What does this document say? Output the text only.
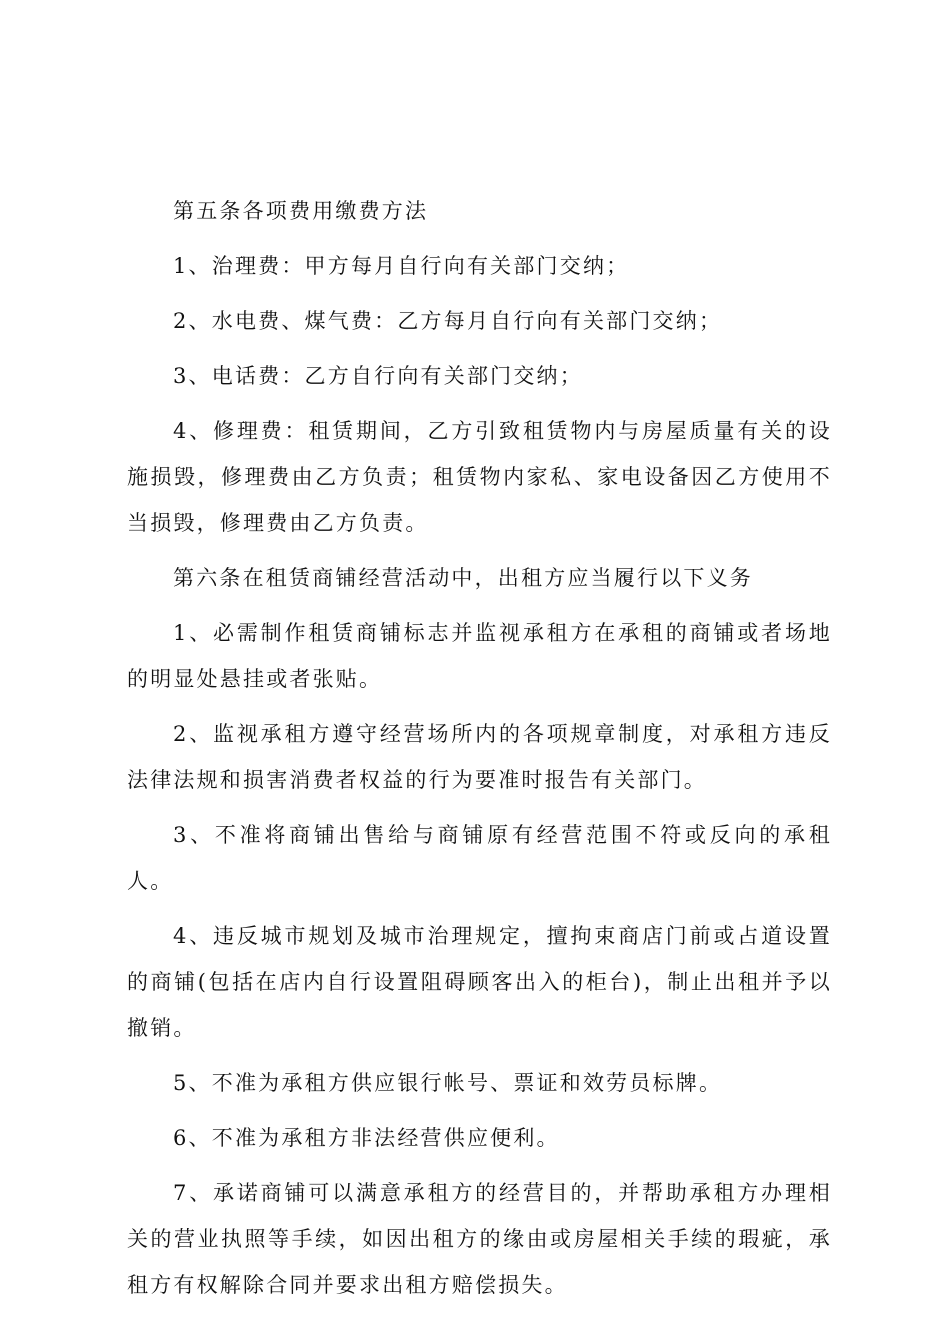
第五条各项费用缴费方法

1、治理费：甲方每月自行向有关部门交纳；

2、水电费、煤气费：乙方每月自行向有关部门交纳；

3、电话费：乙方自行向有关部门交纳；

4、修理费：租赁期间，乙方引致租赁物内与房屋质量有关的设施损毁，修理费由乙方负责；租赁物内家私、家电设备因乙方使用不当损毁，修理费由乙方负责。

第六条在租赁商铺经营活动中，出租方应当履行以下义务

1、必需制作租赁商铺标志并监视承租方在承租的商铺或者场地的明显处悬挂或者张贴。

2、监视承租方遵守经营场所内的各项规章制度，对承租方违反法律法规和损害消费者权益的行为要准时报告有关部门。

3、不准将商铺出售给与商铺原有经营范围不符或反向的承租人。

4、违反城市规划及城市治理规定，擅拘束商店门前或占道设置的商铺(包括在店内自行设置阻碍顾客出入的柜台)，制止出租并予以撤销。

5、不准为承租方供应银行帐号、票证和效劳员标牌。

6、不准为承租方非法经营供应便利。

7、承诺商铺可以满意承租方的经营目的，并帮助承租方办理相关的营业执照等手续，如因出租方的缘由或房屋相关手续的瑕疵，承租方有权解除合同并要求出租方赔偿损失。
